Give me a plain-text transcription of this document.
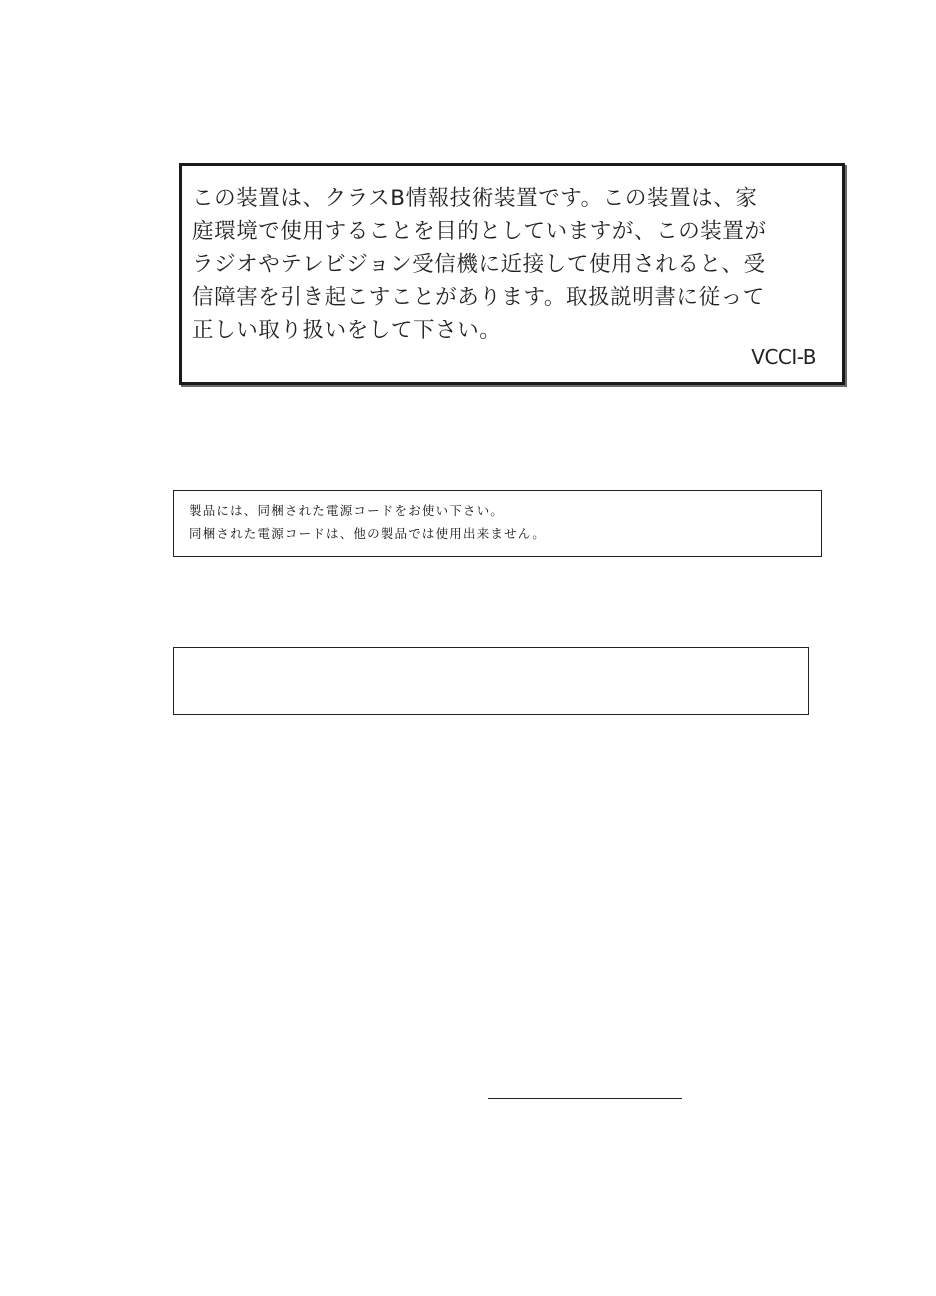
この装置は、クラスB情報技術装置です。この装置は、家
庭環境で使用することを目的としていますが、この装置が
ラジオやテレビジョン受信機に近接して使用されると、受
信障害を引き起こすことがあります。取扱説明書に従って
正しい取り扱いをして下さい。
VCCI-B
製品には、同梱された電源コードをお使い下さい。
同梱された電源コードは、他の製品では使用出来ません。
